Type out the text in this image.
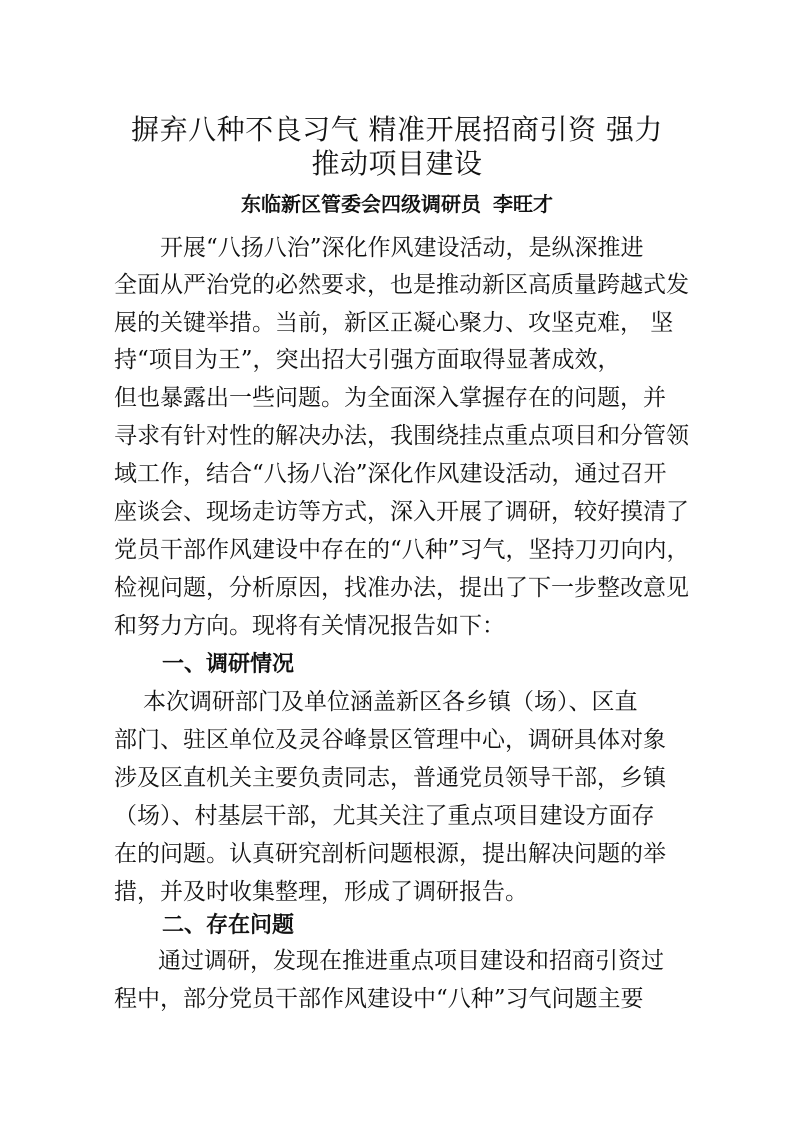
摒弃八种不良习气 精准开展招商引资 强力
推动项目建设
东临新区管委会四级调研员 李旺才
开展“八扬八治”深化作风建设活动，是纵深推进
全面从严治党的必然要求，也是推动新区高质量跨越式发
展的关键举措。当前，新区正凝心聚力、攻坚克难， 坚
持“项目为王”，突出招大引强方面取得显著成效，
但也暴露出一些问题。为全面深入掌握存在的问题，并
寻求有针对性的解决办法，我围绕挂点重点项目和分管领
域工作，结合“八扬八治”深化作风建设活动，通过召开
座谈会、现场走访等方式，深入开展了调研，较好摸清了
党员干部作风建设中存在的“八种”习气，坚持刀刃向内，
检视问题，分析原因，找准办法，提出了下一步整改意见
和努力方向。现将有关情况报告如下：
一、调研情况
本次调研部门及单位涵盖新区各乡镇（场）、区直
部门、驻区单位及灵谷峰景区管理中心，调研具体对象
涉及区直机关主要负责同志，普通党员领导干部，乡镇
（场）、村基层干部，尤其关注了重点项目建设方面存
在的问题。认真研究剖析问题根源，提出解决问题的举
措，并及时收集整理，形成了调研报告。
二、存在问题
通过调研，发现在推进重点项目建设和招商引资过
程中，部分党员干部作风建设中“八种”习气问题主要
